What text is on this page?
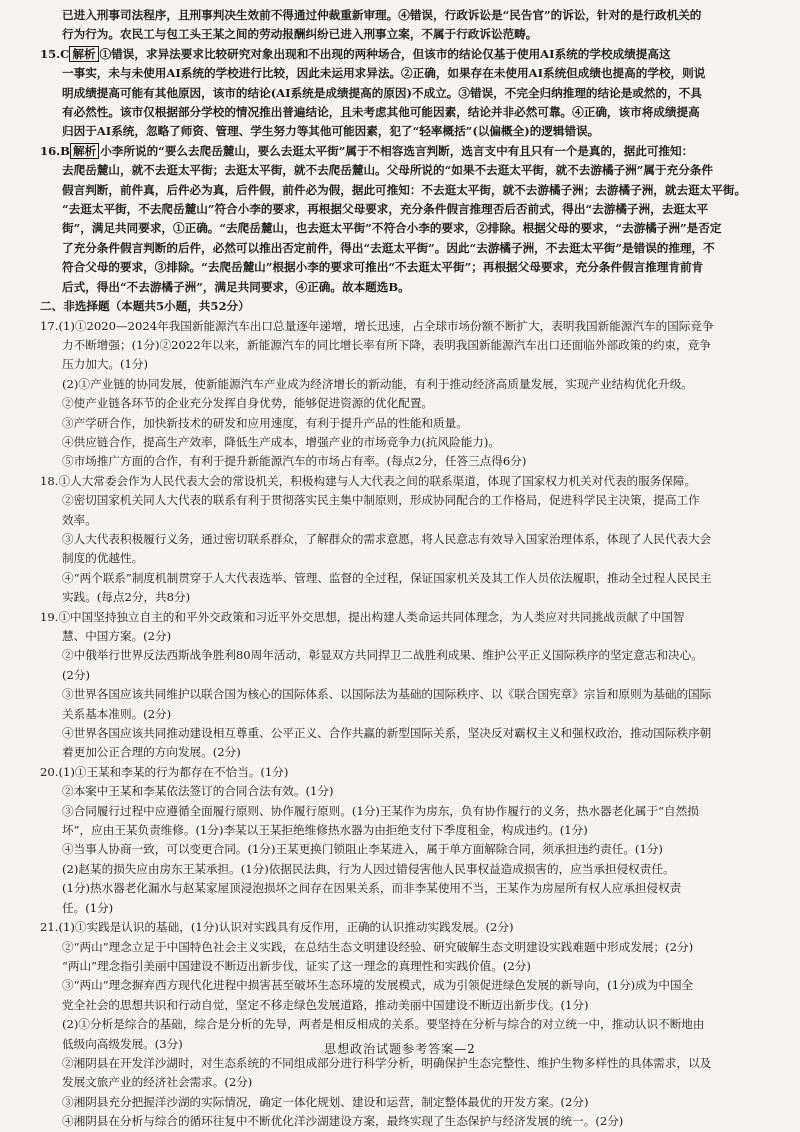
已进入刑事司法程序，且刑事判决生效前不得通过仲裁重新审理。④错误，行政诉讼是“民告官”的诉讼，针对的是行政机关的
行为行为。农民工与包工头王某之间的劳动报酬纠纷已进入刑事立案，不属于行政诉讼范畴。
15.C 解析 ①错误，求异法要求比较研究对象出现和不出现的两种场合，但该市的结论仅基于使用AI系统的学校成绩提高这
一事实，未与未使用AI系统的学校进行比较，因此未运用求异法。②正确，如果存在未使用AI系统但成绩也提高的学校，则说
明成绩提高可能有其他原因，该市的结论(AI系统是成绩提高的原因)不成立。③错误，不完全归纳推理的结论是或然的，不具
有必然性。该市仅根据部分学校的情况推出普遍结论，且未考虑其他可能因素，结论并非必然可靠。④正确，该市将成绩提高
归因于AI系统，忽略了师资、管理、学生努力等其他可能因素，犯了“轻率概括”(以偏概全)的逻辑错误。
16.B 解析 小李所说的“要么去爬岳麓山，要么去逛太平街”属于不相容选言判断，选言支中有且只有一个是真的，据此可推知：
去爬岳麓山，就不去逛太平街；去逛太平街，就不去爬岳麓山。父母所说的“如果不去逛太平街，就不去游橘子洲”属于充分条件
假言判断，前件真，后件必为真，后件假，前件必为假，据此可推知：不去逛太平街，就不去游橘子洲；去游橘子洲，就去逛太平街。
“去逛太平街，不去爬岳麓山”符合小李的要求，再根据父母要求，充分条件假言推理否后否前式，得出“去游橘子洲，去逛太平
街”，满足共同要求，①正确。“去爬岳麓山，也去逛太平街”不符合小李的要求，②排除。根据父母的要求，“去游橘子洲”是否定
了充分条件假言判断的后件，必然可以推出否定前件，得出“去逛太平街”。因此“去游橘子洲，不去逛太平街”是错误的推理，不
符合父母的要求，③排除。“去爬岳麓山”根据小李的要求可推出“不去逛太平街”；再根据父母要求，充分条件假言推理肯前肯
后式，得出“不去游橘子洲”，满足共同要求，④正确。故本题选B。
二、非选择题（本题共5小题，共52分）
17.(1)①2020—2024年我国新能源汽车出口总量逐年递增，增长迅速，占全球市场份额不断扩大，表明我国新能源汽车的国际竞争
力不断增强；(1分)②2022年以来，新能源汽车的同比增长率有所下降，表明我国新能源汽车出口还面临外部政策的约束，竞争
压力加大。(1分)
(2)①产业链的协同发展，使新能源汽车产业成为经济增长的新动能，有利于推动经济高质量发展，实现产业结构优化升级。
②使产业链各环节的企业充分发挥自身优势，能够促进资源的优化配置。
③产学研合作，加快新技术的研发和应用速度，有利于提升产品的性能和质量。
④供应链合作，提高生产效率，降低生产成本，增强产业的市场竞争力(抗风险能力)。
⑤市场推广方面的合作，有利于提升新能源汽车的市场占有率。(每点2分，任答三点得6分)
18.①人大常委会作为人民代表大会的常设机关，积极构建与人大代表之间的联系渠道，体现了国家权力机关对代表的服务保障。
②密切国家机关同人大代表的联系有利于贯彻落实民主集中制原则，形成协同配合的工作格局，促进科学民主决策，提高工作
效率。
③人大代表积极履行义务，通过密切联系群众，了解群众的需求意愿，将人民意志有效导入国家治理体系，体现了人民代表大会
制度的优越性。
④“两个联系”制度机制贯穿于人大代表选举、管理、监督的全过程，保证国家机关及其工作人员依法履职，推动全过程人民民主
实践。(每点2分，共8分)
19.①中国坚持独立自主的和平外交政策和习近平外交思想，提出构建人类命运共同体理念，为人类应对共同挑战贡献了中国智
慧、中国方案。(2分)
②中俄举行世界反法西斯战争胜利80周年活动，彰显双方共同捍卫二战胜利成果、维护公平正义国际秩序的坚定意志和决心。
(2分)
③世界各国应该共同维护以联合国为核心的国际体系、以国际法为基础的国际秩序、以《联合国宪章》宗旨和原则为基础的国际
关系基本准则。(2分)
④世界各国应该共同推动建设相互尊重、公平正义、合作共赢的新型国际关系，坚决反对霸权主义和强权政治，推动国际秩序朝
着更加公正合理的方向发展。(2分)
20.(1)①王某和李某的行为都存在不恰当。(1分)
②本案中王某和李某依法签订的合同合法有效。(1分)
③合同履行过程中应遵循全面履行原则、协作履行原则。(1分)王某作为房东，负有协作履行的义务，热水器老化属于“自然损
坏”，应由王某负责维修。(1分)李某以王某拒绝维修热水器为由拒绝支付下季度租金，构成违约。(1分)
④当事人协商一致，可以变更合同。(1分)王某更换门锁阻止李某进入，属于单方面解除合同，须承担违约责任。(1分)
(2)赵某的损失应由房东王某承担。(1分)依据民法典，行为人因过错侵害他人民事权益造成损害的，应当承担侵权责任。
(1分)热水器老化漏水与赵某家屋顶浸泡损坏之间存在因果关系，而非李某使用不当，王某作为房屋所有权人应承担侵权责
任。(1分)
21.(1)①实践是认识的基础，(1分)认识对实践具有反作用，正确的认识推动实践发展。(2分)
②“两山”理念立足于中国特色社会主义实践，在总结生态文明建设经验、研究破解生态文明建设实践难题中形成发展；(2分)
“两山”理念指引美丽中国建设不断迈出新步伐，证实了这一理念的真理性和实践价值。(2分)
③“两山”理念摒弃西方现代化进程中损害甚至破坏生态环境的发展模式，成为引领促进绿色发展的新导向，(1分)成为中国全
党全社会的思想共识和行动自觉，坚定不移走绿色发展道路，推动美丽中国建设不断迈出新步伐。(1分)
(2)①分析是综合的基础，综合是分析的先导，两者是相反相成的关系。要坚持在分析与综合的对立统一中，推动认识不断地由
低级向高级发展。(3分)
②湘阴县在开发洋沙湖时，对生态系统的不同组成部分进行科学分析，明确保护生态完整性、维护生物多样性的具体需求，以及
发展文旅产业的经济社会需求。(2分)
③湘阴县充分把握洋沙湖的实际情况，确定一体化规划、建设和运营，制定整体最优的开发方案。(2分)
④湘阴县在分析与综合的循环往复中不断优化洋沙湖建设方案，最终实现了生态保护与经济发展的统一。(2分)
思想政治试题参考答案—2
